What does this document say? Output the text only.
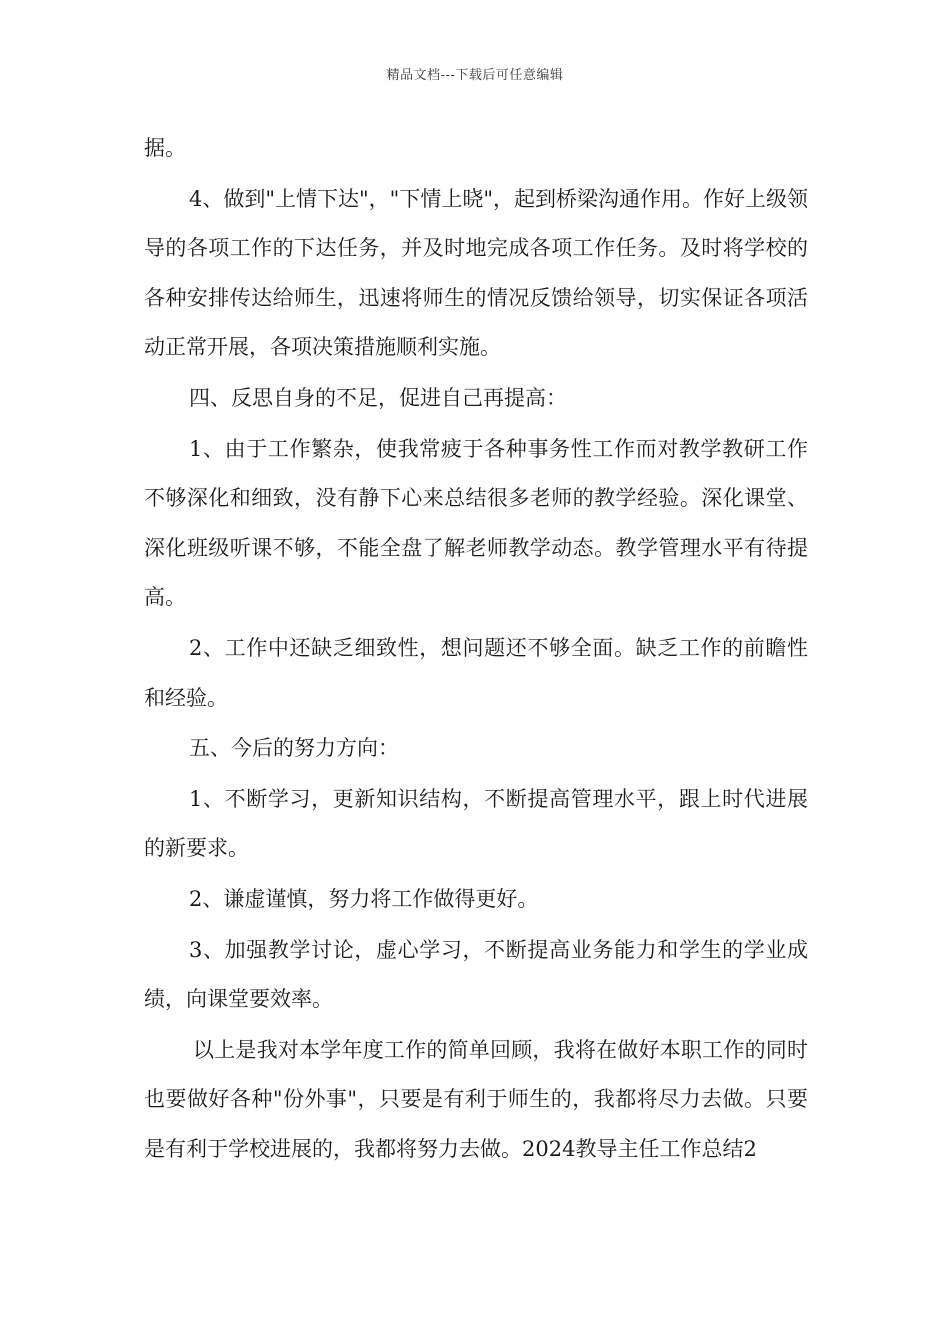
精品文档---下载后可任意编辑

据。

4、做到"上情下达"，"下情上晓"，起到桥梁沟通作用。作好上级领导的各项工作的下达任务，并及时地完成各项工作任务。及时将学校的各种安排传达给师生，迅速将师生的情况反馈给领导，切实保证各项活动正常开展，各项决策措施顺利实施。

四、反思自身的不足，促进自己再提高：

1、由于工作繁杂，使我常疲于各种事务性工作而对教学教研工作不够深化和细致，没有静下心来总结很多老师的教学经验。深化课堂、深化班级听课不够，不能全盘了解老师教学动态。教学管理水平有待提高。

2、工作中还缺乏细致性，想问题还不够全面。缺乏工作的前瞻性和经验。

五、今后的努力方向：

1、不断学习，更新知识结构，不断提高管理水平，跟上时代进展的新要求。

2、谦虚谨慎，努力将工作做得更好。

3、加强教学讨论，虚心学习，不断提高业务能力和学生的学业成绩，向课堂要效率。

以上是我对本学年度工作的简单回顾，我将在做好本职工作的同时也要做好各种"份外事"，只要是有利于师生的，我都将尽力去做。只要是有利于学校进展的，我都将努力去做。2024教导主任工作总结2
